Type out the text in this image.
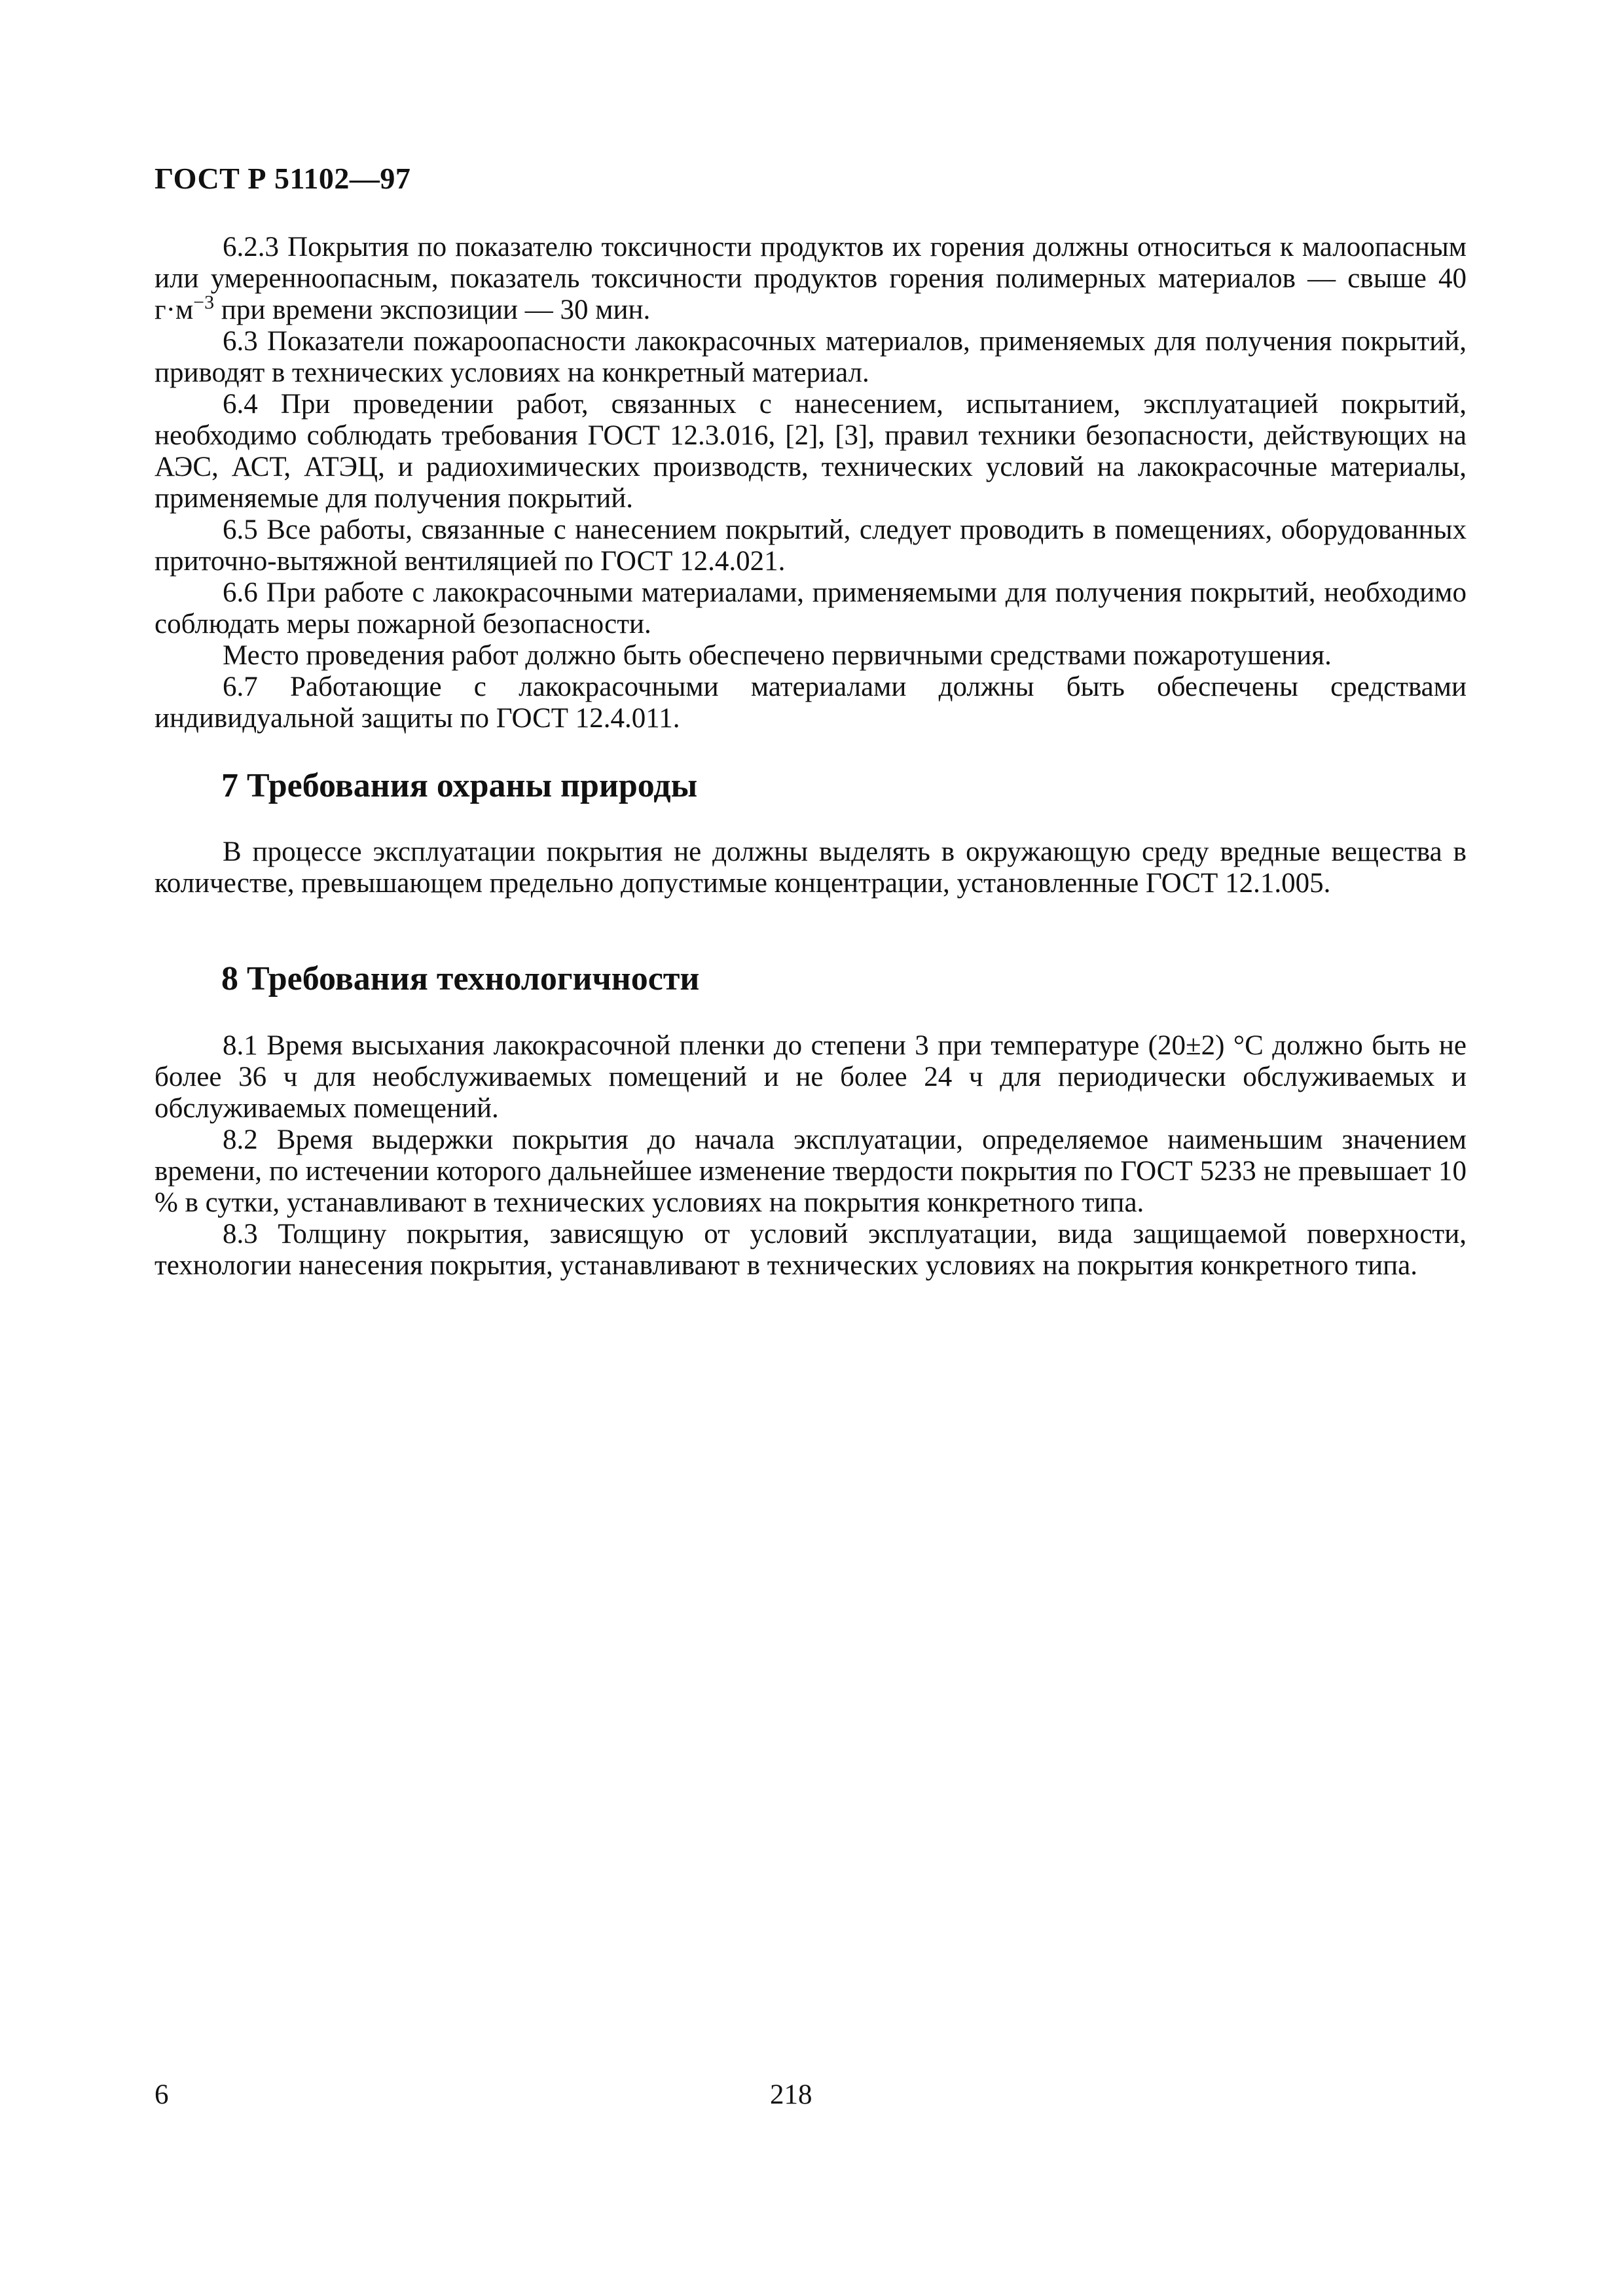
ГОСТ Р 51102—97

6.2.3 Покрытия по показателю токсичности продуктов их горения должны относиться к малоопасным или умеренноопасным, показатель токсичности продуктов горения полимерных материалов — свыше 40 $г\cdot м^{-3}$ при времени экспозиции — 30 мин.

6.3 Показатели пожароопасности лакокрасочных материалов, применяемых для получения покрытий, приводят в технических условиях на конкретный материал.

6.4 При проведении работ, связанных с нанесением, испытанием, эксплуатацией покрытий, необходимо соблюдать требования ГОСТ 12.3.016, [2], [3], правил техники безопасности, действующих на АЭС, АСТ, АТЭЦ, и радиохимических производств, технических условий на лакокрасочные материалы, применяемые для получения покрытий.

6.5 Все работы, связанные с нанесением покрытий, следует проводить в помещениях, оборудованных приточно-вытяжной вентиляцией по ГОСТ 12.4.021.

6.6 При работе с лакокрасочными материалами, применяемыми для получения покрытий, необходимо соблюдать меры пожарной безопасности.

Место проведения работ должно быть обеспечено первичными средствами пожаротушения.

6.7 Работающие с лакокрасочными материалами должны быть обеспечены средствами индивидуальной защиты по ГОСТ 12.4.011.

7 Требования охраны природы

В процессе эксплуатации покрытия не должны выделять в окружающую среду вредные вещества в количестве, превышающем предельно допустимые концентрации, установленные ГОСТ 12.1.005.

8 Требования технологичности

8.1 Время высыхания лакокрасочной пленки до степени 3 при температуре (20±2) °С должно быть не более 36 ч для необслуживаемых помещений и не более 24 ч для периодически обслуживаемых и обслуживаемых помещений.

8.2 Время выдержки покрытия до начала эксплуатации, определяемое наименьшим значением времени, по истечении которого дальнейшее изменение твердости покрытия по ГОСТ 5233 не превышает 10 % в сутки, устанавливают в технических условиях на покрытия конкретного типа.

8.3 Толщину покрытия, зависящую от условий эксплуатации, вида защищаемой поверхности, технологии нанесения покрытия, устанавливают в технических условиях на покрытия конкретного типа.

6	218
